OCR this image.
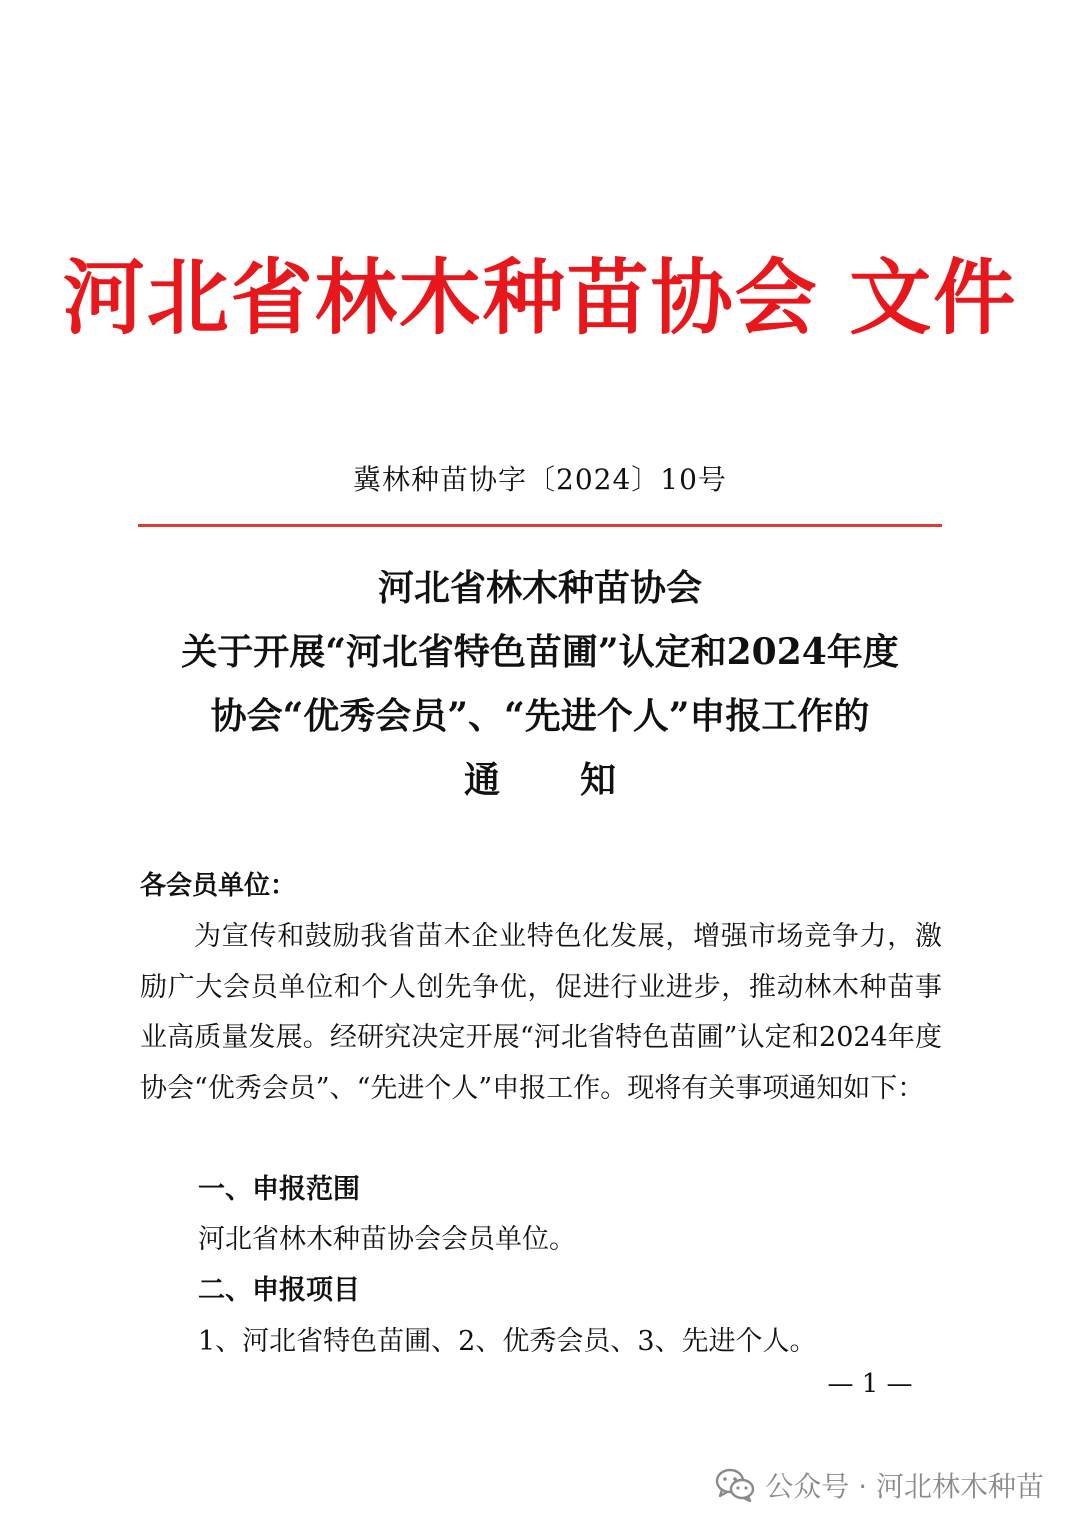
河北省林木种苗协会 文件
冀林种苗协字〔2024〕10号
河北省林木种苗协会
关于开展“河北省特色苗圃”认定和2024年度
协会“优秀会员”、“先进个人”申报工作的
通知
各会员单位：
为宣传和鼓励我省苗木企业特色化发展，增强市场竞争力，激励广大会员单位和个人创先争优，促进行业进步，推动林木种苗事业高质量发展。经研究决定开展“河北省特色苗圃”认定和2024年度协会“优秀会员”、“先进个人”申报工作。现将有关事项通知如下：
一、申报范围
河北省林木种苗协会会员单位。
二、申报项目
1、河北省特色苗圃、2、优秀会员、3、先进个人。
— 1 —
公众号 · 河北林木种苗
